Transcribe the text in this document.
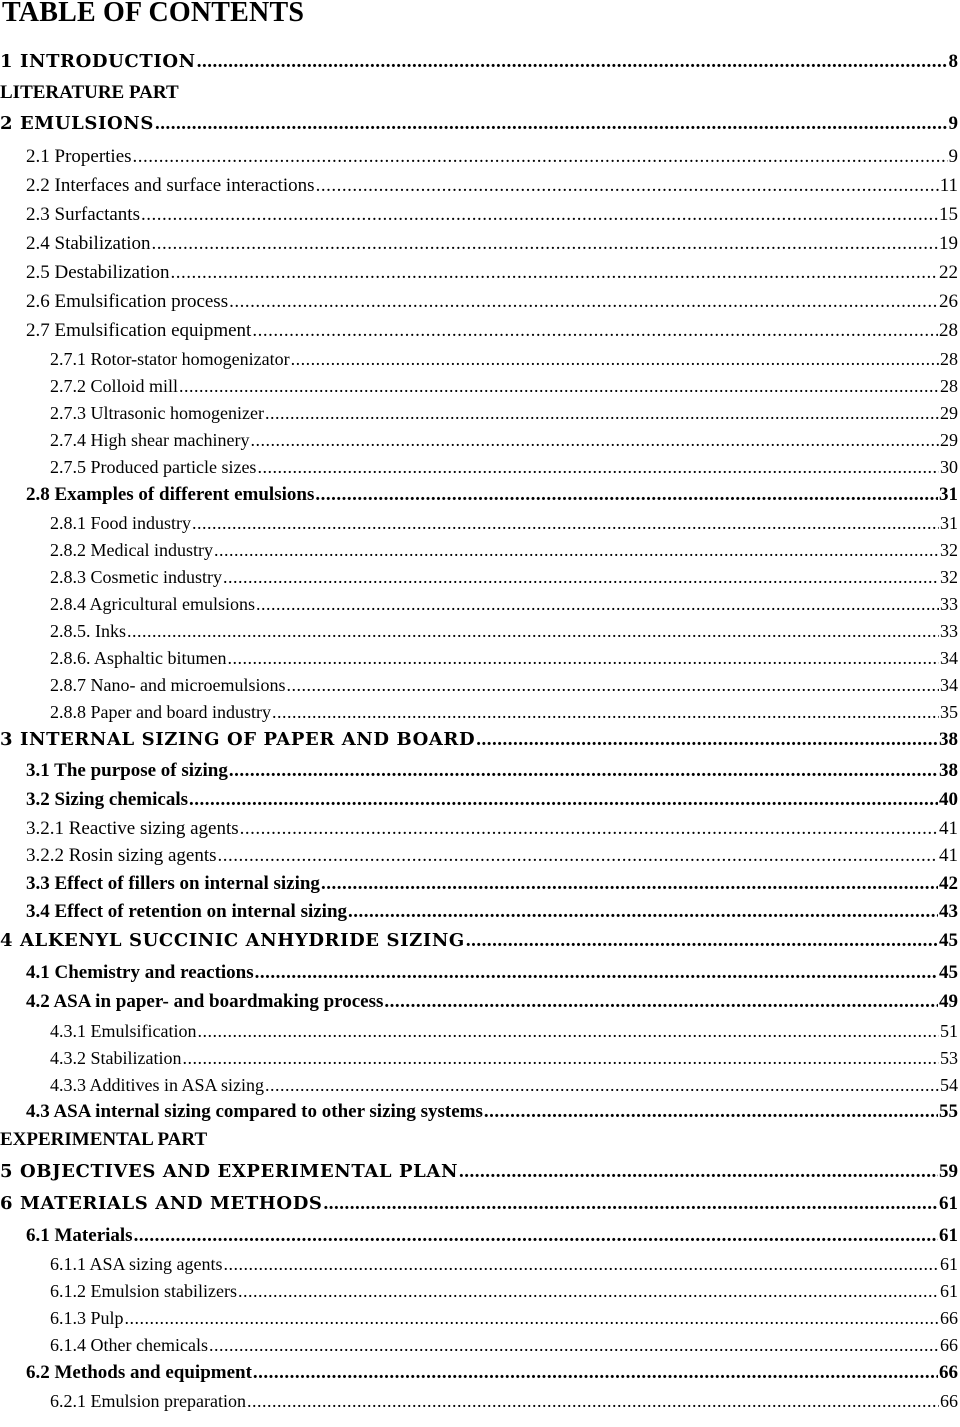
TABLE OF CONTENTS
1 INTRODUCTION .....	8
LITERATURE PART
2 EMULSIONS .....	9
2.1 Properties .....	9
2.2 Interfaces and surface interactions .....	11
2.3 Surfactants .....	15
2.4 Stabilization .....	19
2.5 Destabilization .....	22
2.6 Emulsification process .....	26
2.7 Emulsification equipment .....	28
2.7.1 Rotor-stator homogenizator .....	28
2.7.2 Colloid mill .....	28
2.7.3 Ultrasonic homogenizer .....	29
2.7.4 High shear machinery .....	29
2.7.5 Produced particle sizes .....	30
2.8 Examples of different emulsions .....	31
2.8.1 Food industry .....	31
2.8.2 Medical industry .....	32
2.8.3 Cosmetic industry .....	32
2.8.4 Agricultural emulsions .....	33
2.8.5. Inks .....	33
2.8.6. Asphaltic bitumen .....	34
2.8.7 Nano- and microemulsions .....	34
2.8.8 Paper and board industry .....	35
3 INTERNAL SIZING OF PAPER AND BOARD .....	38
3.1 The purpose of sizing .....	38
3.2 Sizing chemicals .....	40
3.2.1 Reactive sizing agents .....	41
3.2.2 Rosin sizing agents .....	41
3.3 Effect of fillers on internal sizing .....	42
3.4 Effect of retention on internal sizing .....	43
4 ALKENYL SUCCINIC ANHYDRIDE SIZING .....	45
4.1 Chemistry and reactions .....	45
4.2 ASA in paper- and boardmaking process .....	49
4.3.1 Emulsification .....	51
4.3.2 Stabilization .....	53
4.3.3 Additives in ASA sizing .....	54
4.3 ASA internal sizing compared to other sizing systems .....	55
EXPERIMENTAL PART
5 OBJECTIVES AND EXPERIMENTAL PLAN .....	59
6 MATERIALS AND METHODS .....	61
6.1 Materials .....	61
6.1.1 ASA sizing agents .....	61
6.1.2 Emulsion stabilizers .....	61
6.1.3 Pulp .....	66
6.1.4 Other chemicals .....	66
6.2 Methods and equipment .....	66
6.2.1 Emulsion preparation .....	66
